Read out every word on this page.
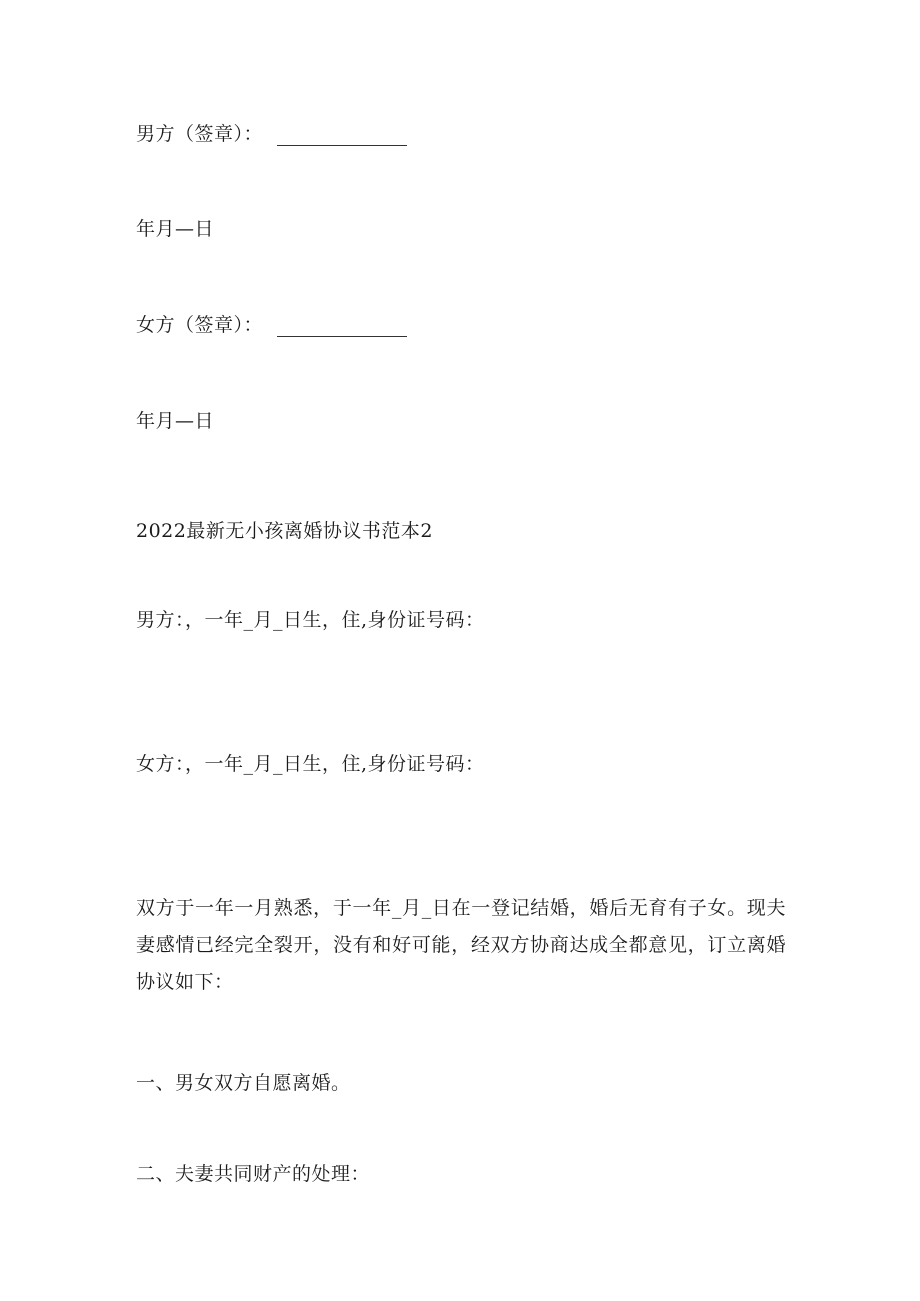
男方（签章）：
年月—日
女方（签章）：
年月—日
2022最新无小孩离婚协议书范本2
男方：，一年_月_日生，住,身份证号码：
女方：，一年_月_日生，住,身份证号码：
双方于一年一月熟悉，于一年_月_日在一登记结婚，婚后无育有子女。现夫妻感情已经完全裂开，没有和好可能，经双方协商达成全都意见，订立离婚协议如下：
一、男女双方自愿离婚。
二、夫妻共同财产的处理：
